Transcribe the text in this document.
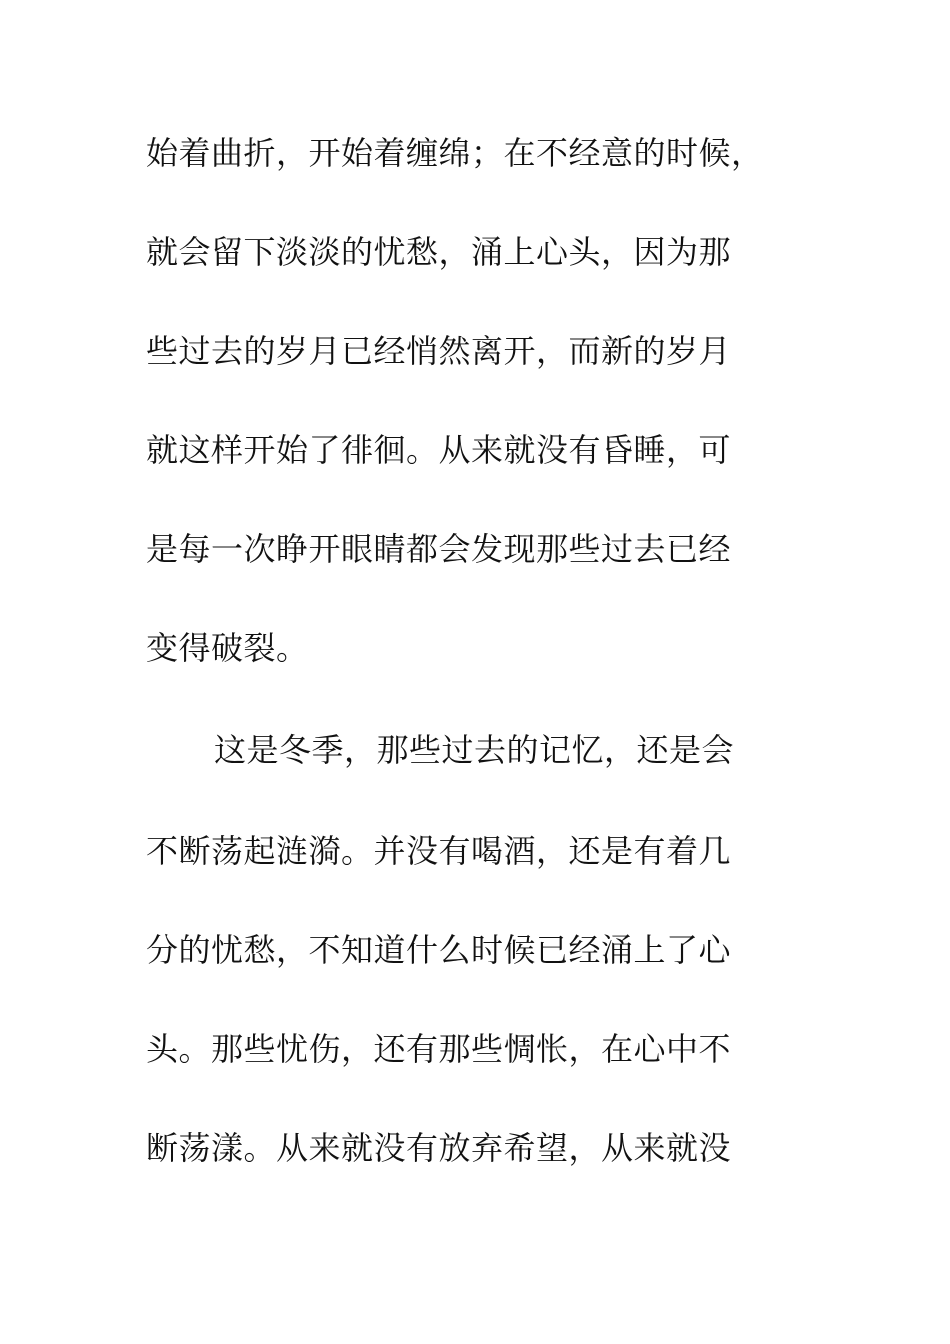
始着曲折，开始着缠绵；在不经意的时候，
就会留下淡淡的忧愁，涌上心头，因为那
些过去的岁月已经悄然离开，而新的岁月
就这样开始了徘徊。从来就没有昏睡，可
是每一次睁开眼睛都会发现那些过去已经
变得破裂。
这是冬季，那些过去的记忆，还是会
不断荡起涟漪。并没有喝酒，还是有着几
分的忧愁，不知道什么时候已经涌上了心
头。那些忧伤，还有那些惆怅，在心中不
断荡漾。从来就没有放弃希望，从来就没
